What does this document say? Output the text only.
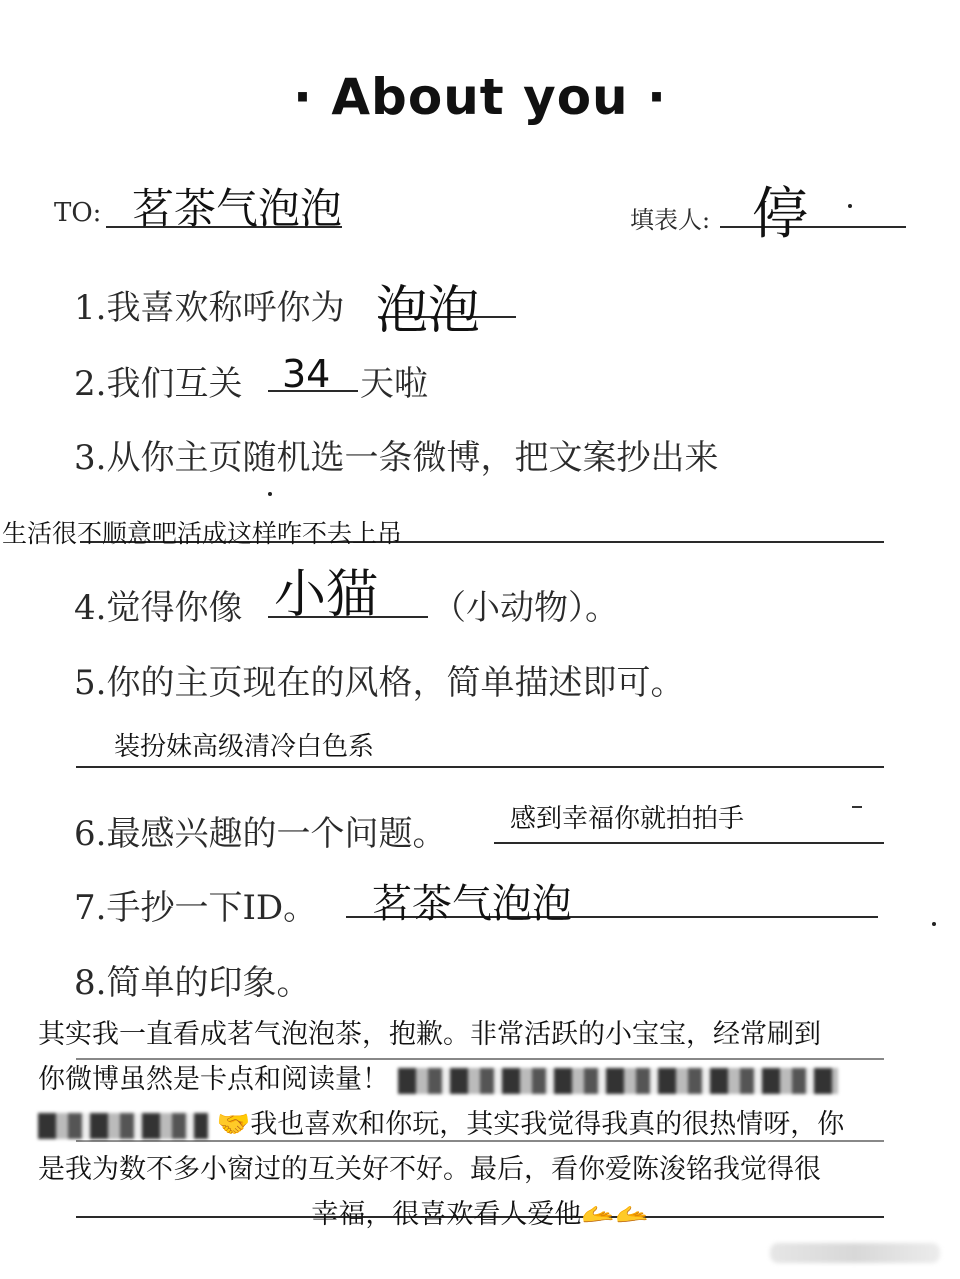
· About you ·
TO: 茗茶气泡泡	填表人: 停
1.我喜欢称呼你为 泡泡
2.我们互关 34 天啦
3.从你主页随机选一条微博，把文案抄出来
生活很不顺意吧活成这样咋不去上吊
4.觉得你像 小猫 （小动物）。
5.你的主页现在的风格，简单描述即可。
装扮妹高级清冷白色系
6.最感兴趣的一个问题。 感到幸福你就拍拍手
7.手抄一下ID。 茗茶气泡泡
8.简单的印象。

其实我一直看成茗气泡泡茶，抱歉。非常活跃的小宝宝，经常刷到

你微博虽然是卡点和阅读量！

🤝我也喜欢和你玩，其实我觉得我真的很热情呀，你

是我为数不多小窗过的互关好不好。最后，看你爱陈浚铭我觉得很

幸福，很喜欢看人爱他🫴🫴
